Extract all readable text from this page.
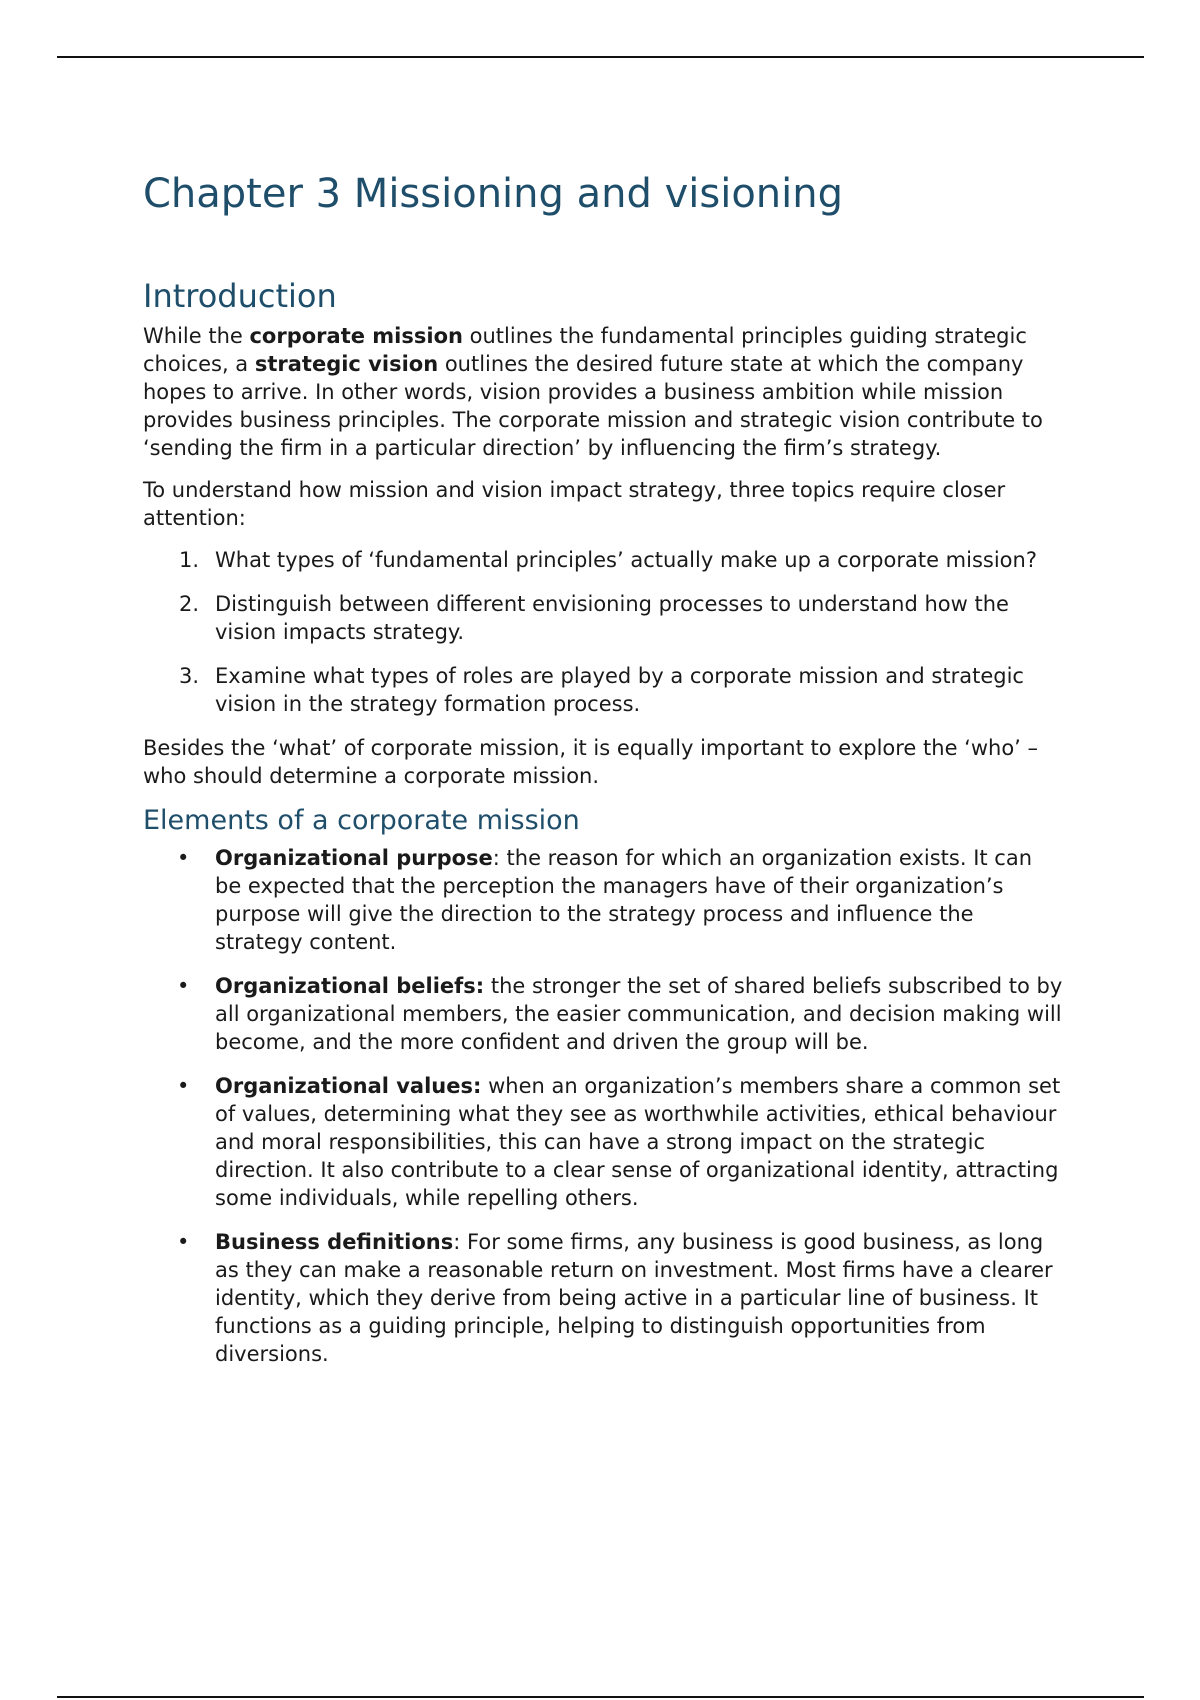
Chapter 3 Missioning and visioning
Introduction

While the corporate mission outlines the fundamental principles guiding strategic choices, a strategic vision outlines the desired future state at which the company hopes to arrive. In other words, vision provides a business ambition while mission provides business principles. The corporate mission and strategic vision contribute to ‘sending the firm in a particular direction’ by influencing the firm’s strategy.

To understand how mission and vision impact strategy, three topics require closer attention:

1. What types of ‘fundamental principles’ actually make up a corporate mission?
2. Distinguish between different envisioning processes to understand how the vision impacts strategy.
3. Examine what types of roles are played by a corporate mission and strategic vision in the strategy formation process.

Besides the ‘what’ of corporate mission, it is equally important to explore the ‘who’ – who should determine a corporate mission.

Elements of a corporate mission
• Organizational purpose: the reason for which an organization exists. It can be expected that the perception the managers have of their organization’s purpose will give the direction to the strategy process and influence the strategy content.
• Organizational beliefs: the stronger the set of shared beliefs subscribed to by all organizational members, the easier communication, and decision making will become, and the more confident and driven the group will be.
• Organizational values: when an organization’s members share a common set of values, determining what they see as worthwhile activities, ethical behaviour and moral responsibilities, this can have a strong impact on the strategic direction. It also contribute to a clear sense of organizational identity, attracting some individuals, while repelling others.
• Business definitions: For some firms, any business is good business, as long as they can make a reasonable return on investment. Most firms have a clearer identity, which they derive from being active in a particular line of business. It functions as a guiding principle, helping to distinguish opportunities from diversions.
